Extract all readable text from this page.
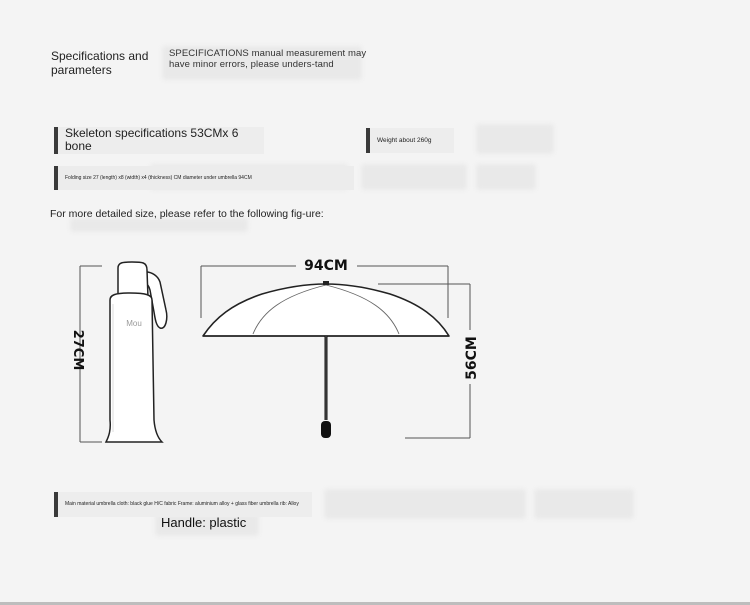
Specifications and parameters
SPECIFICATIONS manual measurement may have minor errors, please unders-tand
Skeleton specifications 53CMx 6 bone	Weight about 260g
Folding size 27 (length) x8 (width) x4 (thickness) CM diameter under umbrella 94CM
For more detailed size, please refer to the following fig-ure:
27CM
Mou
94CM
56CM
Main material umbrella cloth: black glue H/C fabric Frame: aluminium alloy + glass fiber umbrella rib: Alloy
Handle: plastic
